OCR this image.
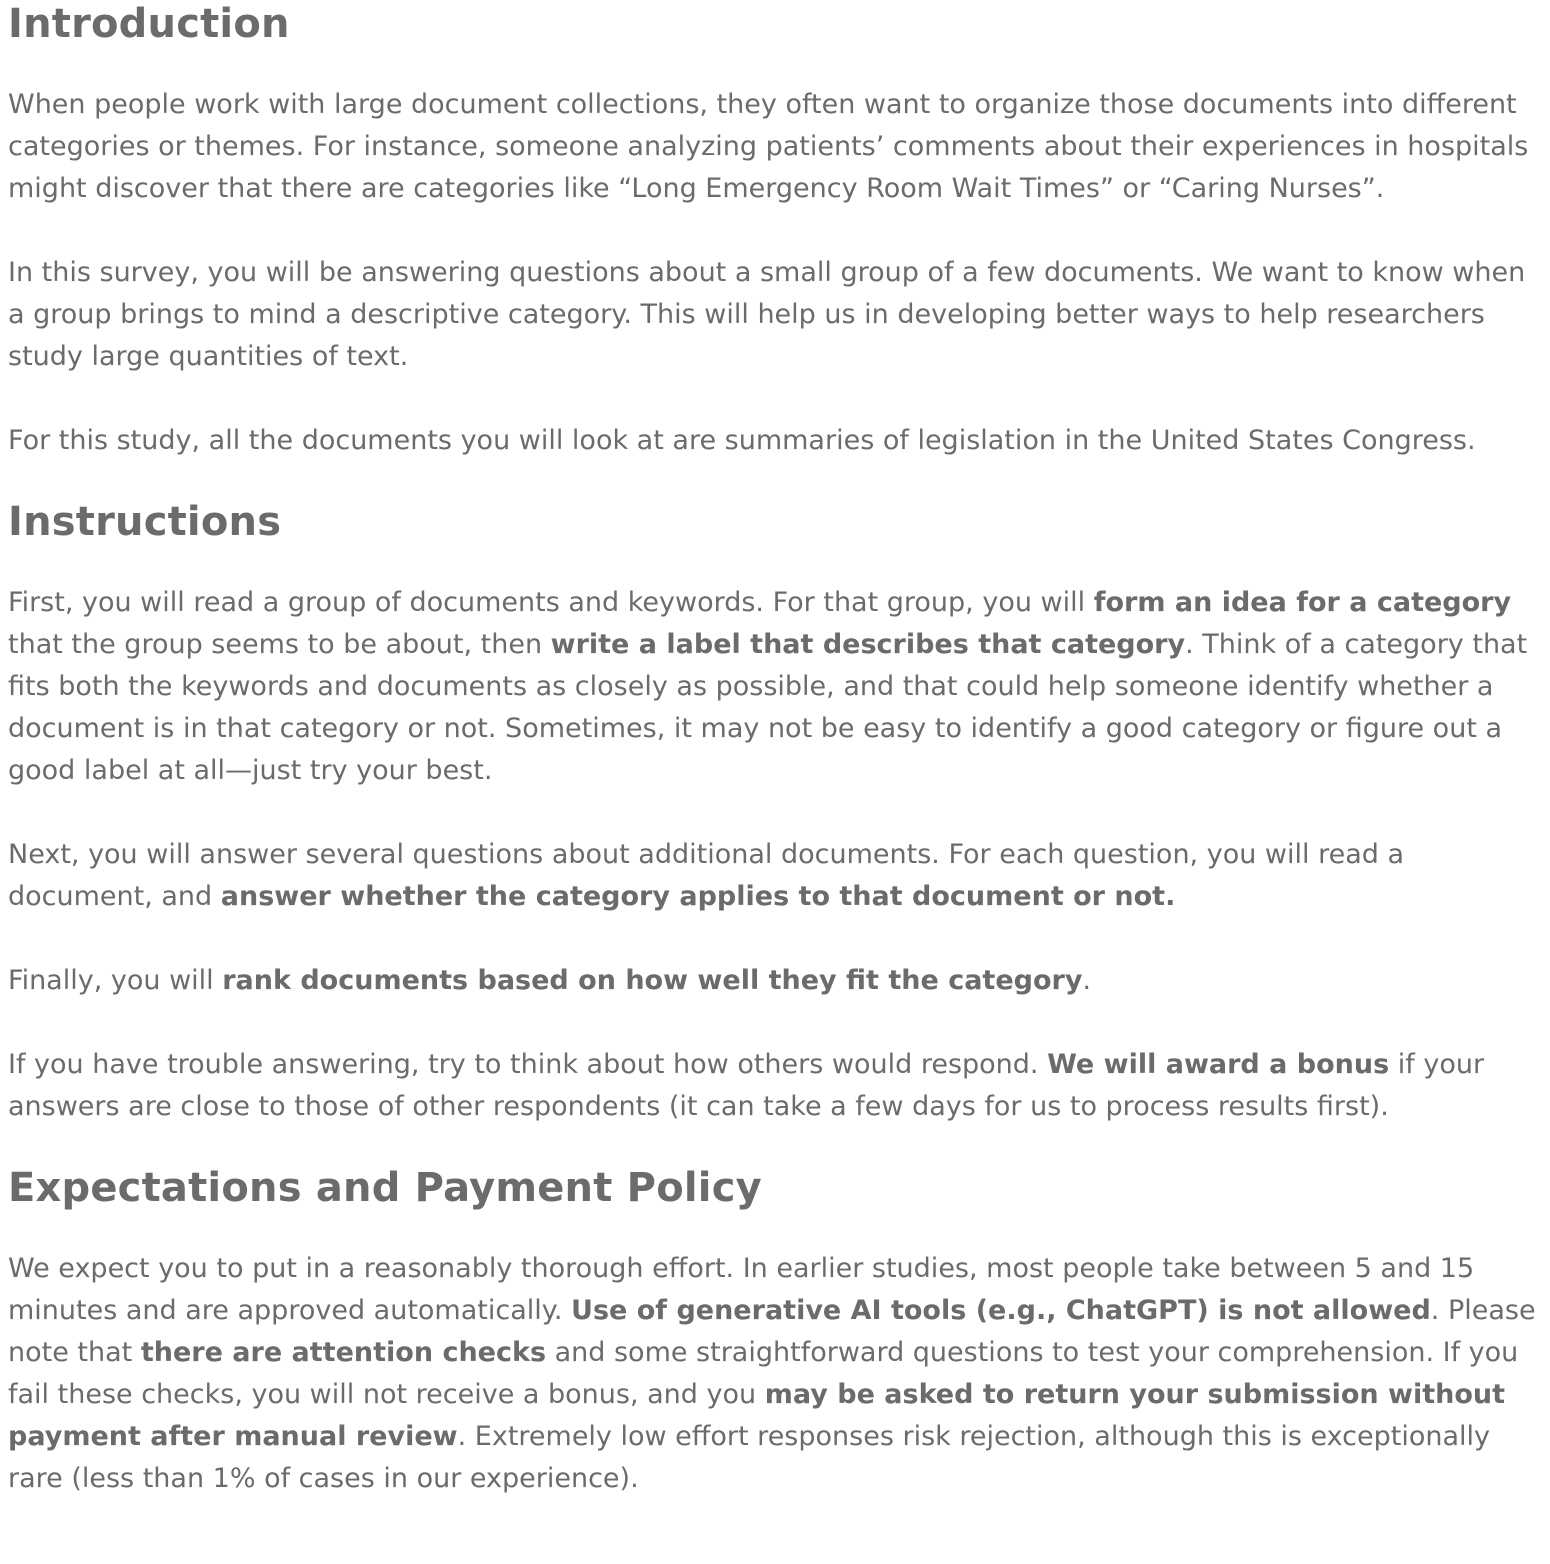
Introduction

When people work with large document collections, they often want to organize those documents into different categories or themes. For instance, someone analyzing patients’ comments about their experiences in hospitals might discover that there are categories like “Long Emergency Room Wait Times” or “Caring Nurses”.

In this survey, you will be answering questions about a small group of a few documents. We want to know when a group brings to mind a descriptive category. This will help us in developing better ways to help researchers study large quantities of text.

For this study, all the documents you will look at are summaries of legislation in the United States Congress.

Instructions

First, you will read a group of documents and keywords. For that group, you will form an idea for a category that the group seems to be about, then write a label that describes that category. Think of a category that fits both the keywords and documents as closely as possible, and that could help someone identify whether a document is in that category or not. Sometimes, it may not be easy to identify a good category or figure out a good label at all—just try your best.

Next, you will answer several questions about additional documents. For each question, you will read a document, and answer whether the category applies to that document or not.

Finally, you will rank documents based on how well they fit the category.

If you have trouble answering, try to think about how others would respond. We will award a bonus if your answers are close to those of other respondents (it can take a few days for us to process results first).

Expectations and Payment Policy

We expect you to put in a reasonably thorough effort. In earlier studies, most people take between 5 and 15 minutes and are approved automatically. Use of generative AI tools (e.g., ChatGPT) is not allowed. Please note that there are attention checks and some straightforward questions to test your comprehension. If you fail these checks, you will not receive a bonus, and you may be asked to return your submission without payment after manual review. Extremely low effort responses risk rejection, although this is exceptionally rare (less than 1% of cases in our experience).
